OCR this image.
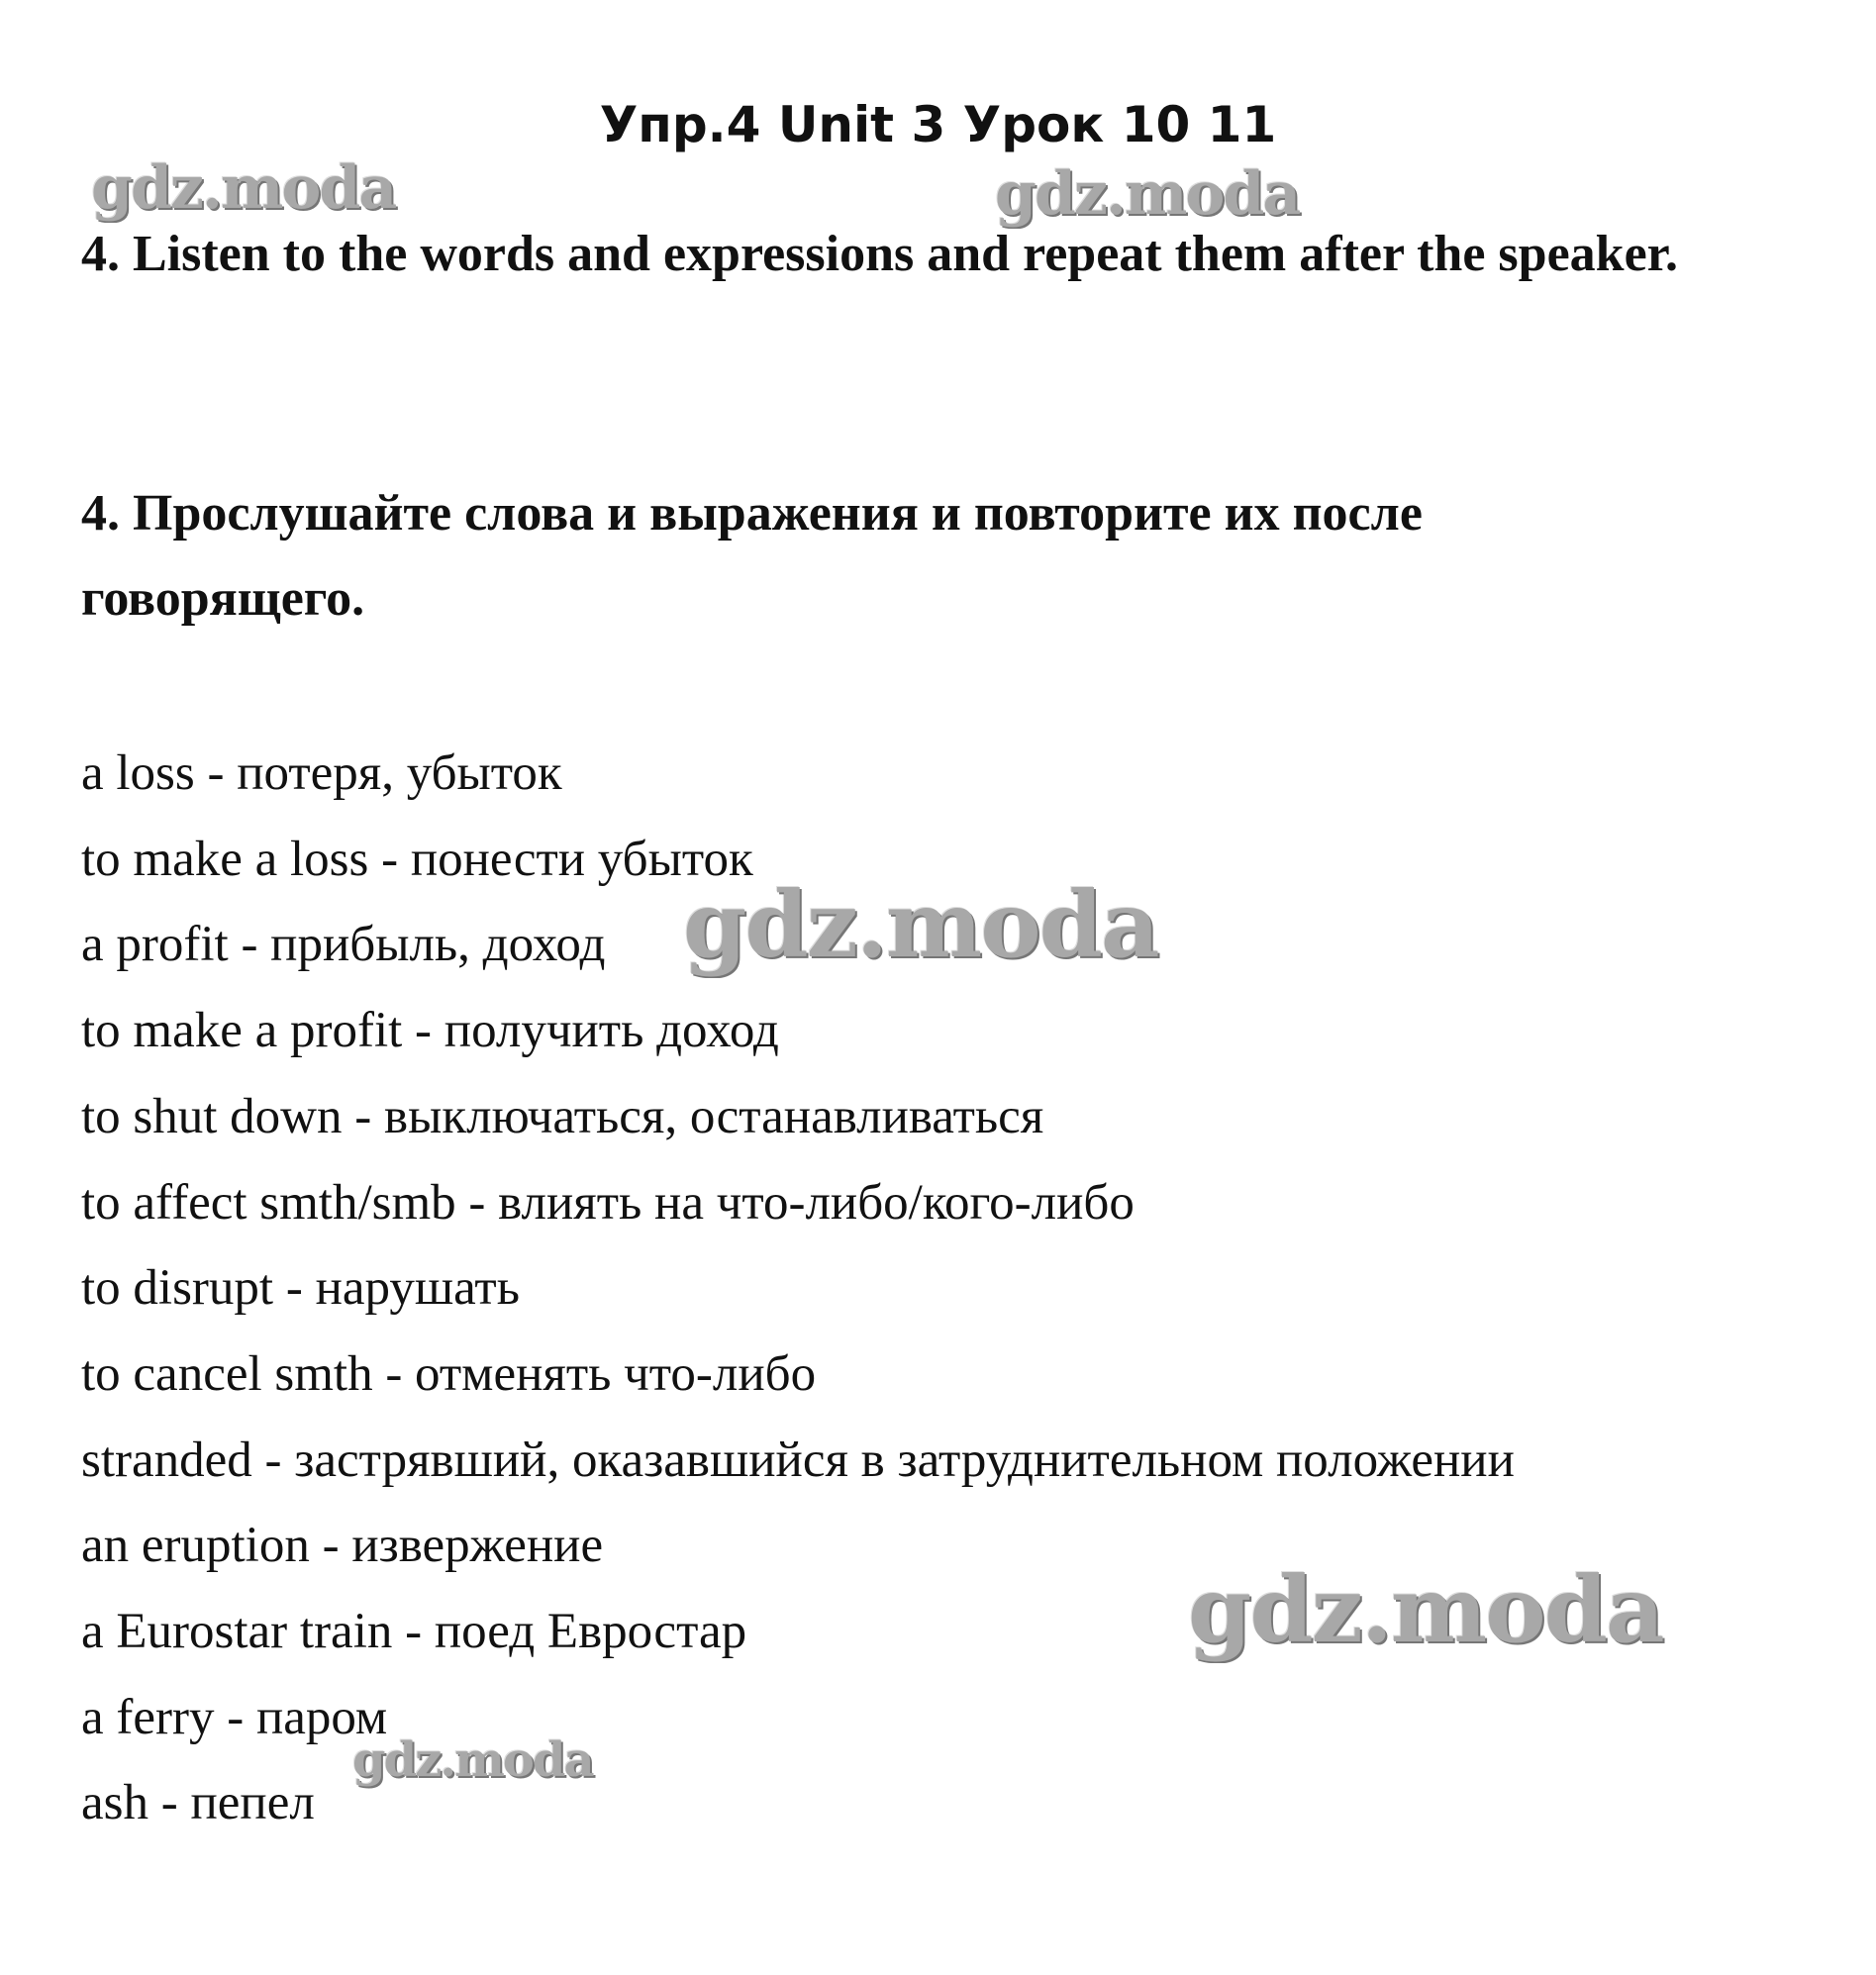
Упр.4 Unit 3 Урок 10 11

4. Listen to the words and expressions and repeat them after the speaker.

4. Прослушайте слова и выражения и повторите их после говорящего.

a loss - потеря, убыток
to make a loss - понести убыток
a profit - прибыль, доход
to make a profit - получить доход
to shut down - выключаться, останавливаться
to affect smth/smb - влиять на что-либо/кого-либо
to disrupt - нарушать
to cancel smth - отменять что-либо
stranded - застрявший, оказавшийся в затруднительном положении
an eruption - извержение
a Eurostar train - поед Евростар
a ferry - паром
ash - пепел
gdz.moda	gdz.moda
gdz.moda
gdz.moda
gdz.moda
